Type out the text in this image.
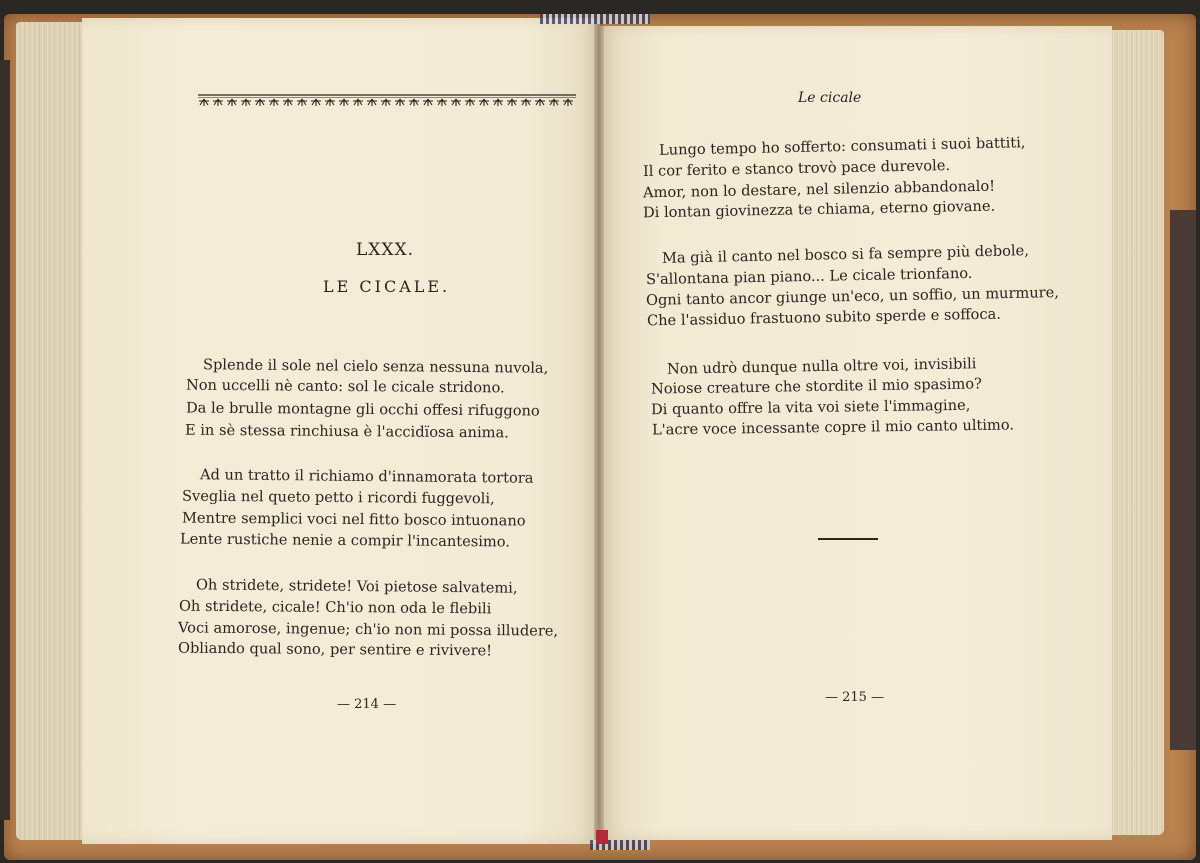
LXXX.
LE CICALE.
Splende il sole nel cielo senza nessuna nuvola,
Non uccelli nè canto: sol le cicale stridono.
Da le brulle montagne gli occhi offesi rifuggono
E in sè stessa rinchiusa è l'accidïosa anima.
Ad un tratto il richiamo d'innamorata tortora
Sveglia nel queto petto i ricordi fuggevoli,
Mentre semplici voci nel fitto bosco intuonano
Lente rustiche nenie a compir l'incantesimo.
Oh stridete, stridete! Voi pietose salvatemi,
Oh stridete, cicale! Ch'io non oda le flebili
Voci amorose, ingenue; ch'io non mi possa illudere,
Obliando qual sono, per sentire e rivivere!
— 214 —
Le cicale
Lungo tempo ho sofferto: consumati i suoi battiti,
Il cor ferito e stanco trovò pace durevole.
Amor, non lo destare, nel silenzio abbandonalo!
Di lontan giovinezza te chiama, eterno giovane.
Ma già il canto nel bosco si fa sempre più debole,
S'allontana pian piano... Le cicale trionfano.
Ogni tanto ancor giunge un'eco, un soffio, un murmure,
Che l'assiduo frastuono subito sperde e soffoca.
Non udrò dunque nulla oltre voi, invisibili
Noiose creature che stordite il mio spasimo?
Di quanto offre la vita voi siete l'immagine,
L'acre voce incessante copre il mio canto ultimo.
— 215 —
